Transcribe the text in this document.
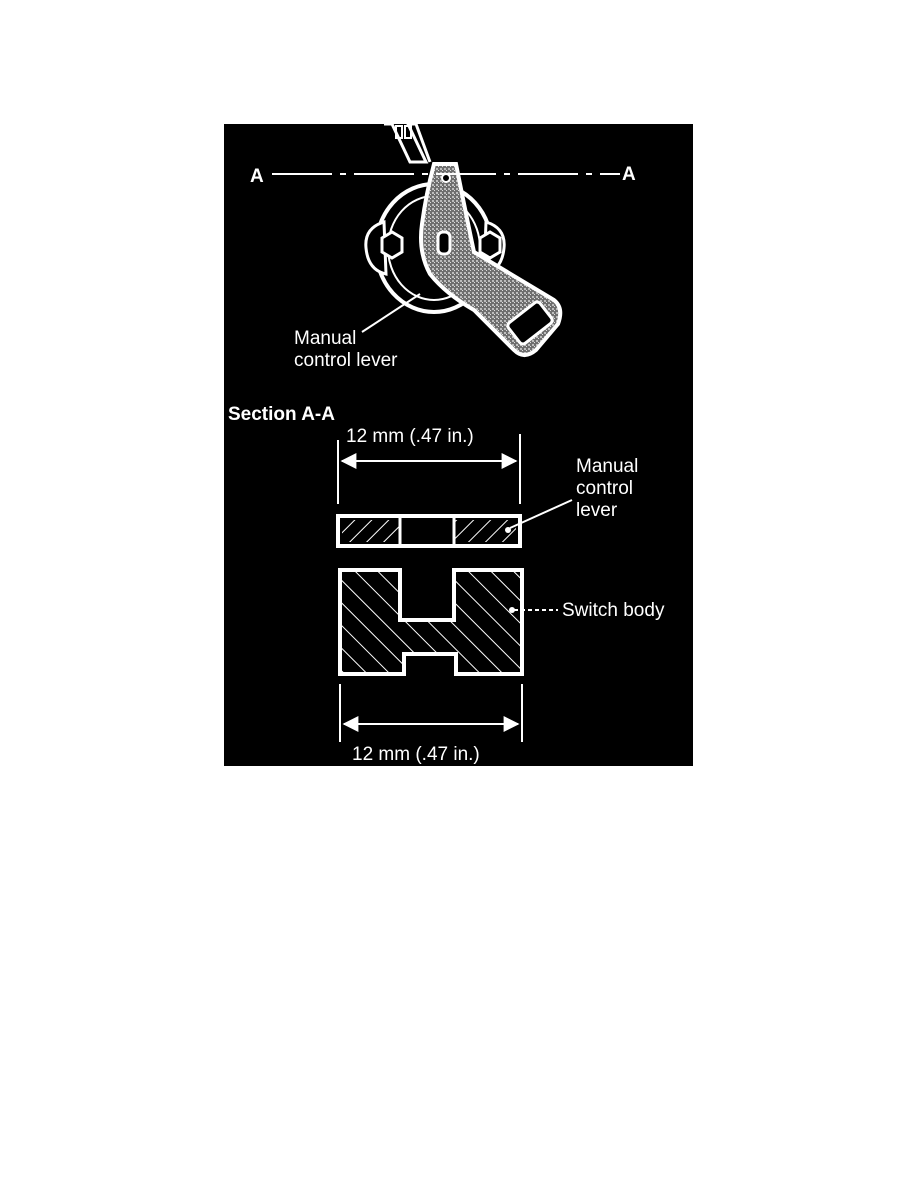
A	A
Manual
control lever
Section A-A
12 mm (.47 in.)
Manual
control
lever
Switch body
12 mm (.47 in.)
